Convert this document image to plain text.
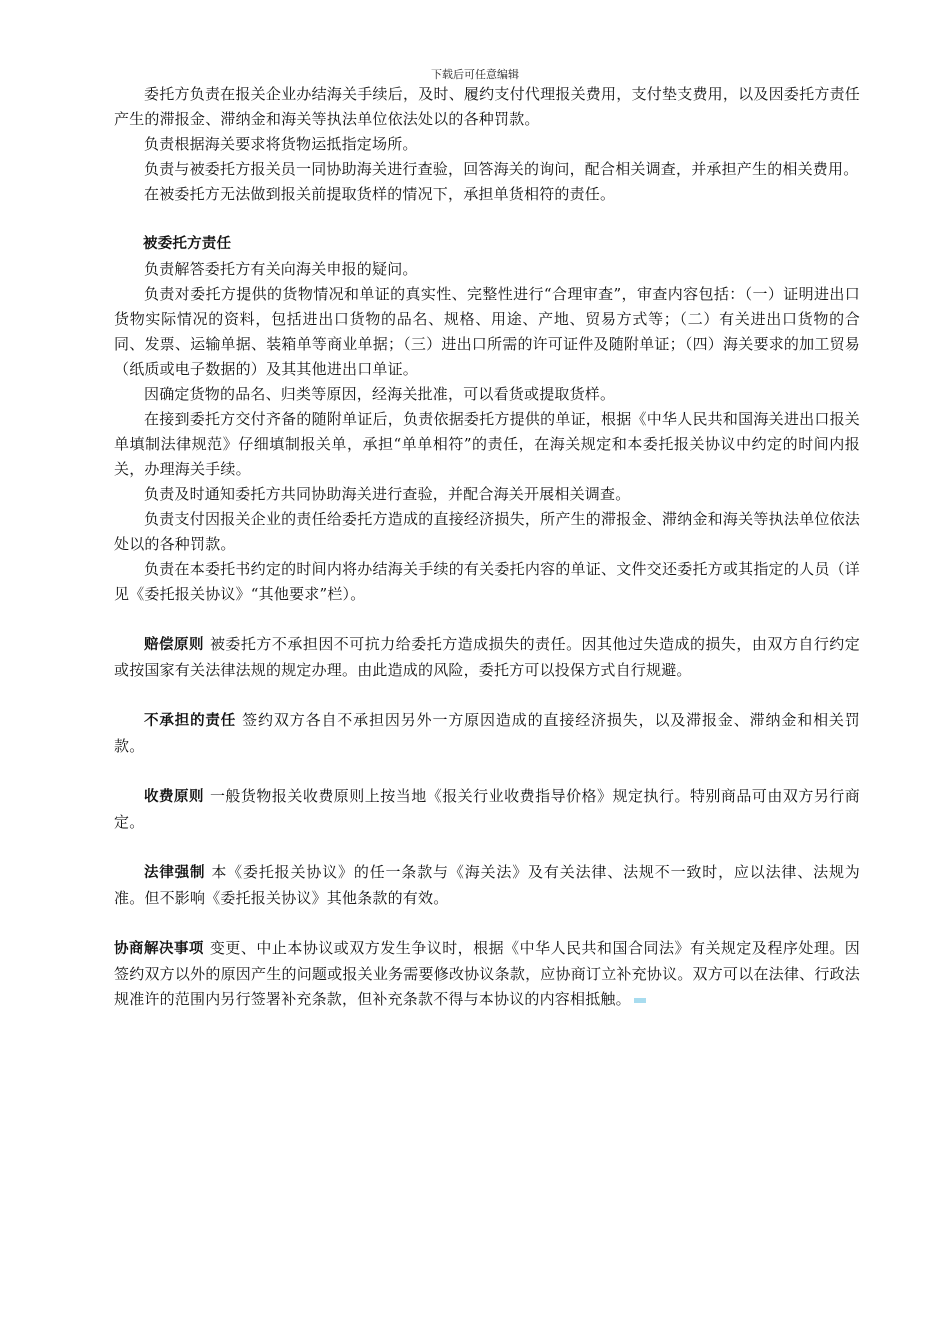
下载后可任意编辑

委托方负责在报关企业办结海关手续后，及时、履约支付代理报关费用，支付垫支费用，以及因委托方责任产生的滞报金、滞纳金和海关等执法单位依法处以的各种罚款。

负责根据海关要求将货物运抵指定场所。

负责与被委托方报关员一同协助海关进行查验，回答海关的询问，配合相关调查，并承担产生的相关费用。

在被委托方无法做到报关前提取货样的情况下，承担单货相符的责任。

被委托方责任

负责解答委托方有关向海关申报的疑问。

负责对委托方提供的货物情况和单证的真实性、完整性进行“合理审查”，审查内容包括：（一）证明进出口货物实际情况的资料，包括进出口货物的品名、规格、用途、产地、贸易方式等；（二）有关进出口货物的合同、发票、运输单据、装箱单等商业单据；（三）进出口所需的许可证件及随附单证；（四）海关要求的加工贸易（纸质或电子数据的）及其其他进出口单证。

因确定货物的品名、归类等原因，经海关批准，可以看货或提取货样。

在接到委托方交付齐备的随附单证后，负责依据委托方提供的单证，根据《中华人民共和国海关进出口报关单填制法律规范》仔细填制报关单，承担“单单相符”的责任，在海关规定和本委托报关协议中约定的时间内报关，办理海关手续。

负责及时通知委托方共同协助海关进行查验，并配合海关开展相关调查。

负责支付因报关企业的责任给委托方造成的直接经济损失，所产生的滞报金、滞纳金和海关等执法单位依法处以的各种罚款。

负责在本委托书约定的时间内将办结海关手续的有关委托内容的单证、文件交还委托方或其指定的人员（详见《委托报关协议》“其他要求”栏）。

赔偿原则 被委托方不承担因不可抗力给委托方造成损失的责任。因其他过失造成的损失，由双方自行约定或按国家有关法律法规的规定办理。由此造成的风险，委托方可以投保方式自行规避。

不承担的责任 签约双方各自不承担因另外一方原因造成的直接经济损失，以及滞报金、滞纳金和相关罚款。

收费原则 一般货物报关收费原则上按当地《报关行业收费指导价格》规定执行。特别商品可由双方另行商定。

法律强制 本《委托报关协议》的任一条款与《海关法》及有关法律、法规不一致时，应以法律、法规为准。但不影响《委托报关协议》其他条款的有效。

协商解决事项 变更、中止本协议或双方发生争议时，根据《中华人民共和国合同法》有关规定及程序处理。因签约双方以外的原因产生的问题或报关业务需要修改协议条款，应协商订立补充协议。双方可以在法律、行政法规准许的范围内另行签署补充条款，但补充条款不得与本协议的内容相抵触。
